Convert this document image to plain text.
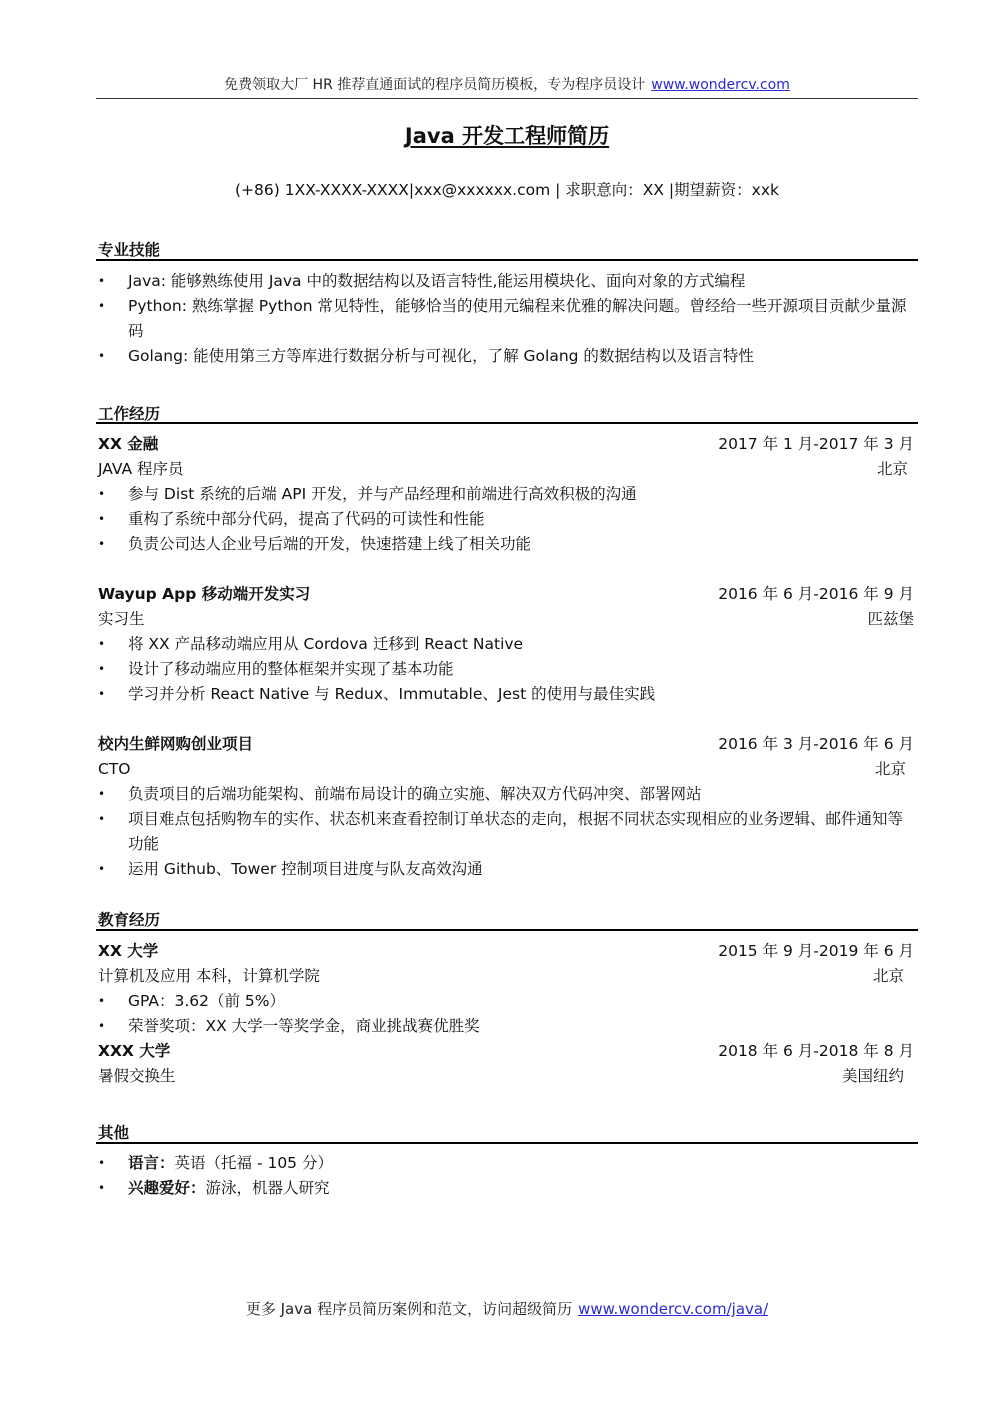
免费领取大厂 HR 推荐直通面试的程序员简历模板，专为程序员设计 www.wondercv.com
Java 开发工程师简历
(+86) 1XX-XXXX-XXXX|xxx@xxxxxx.com | 求职意向：XX |期望薪资：xxk
专业技能
• Java: 能够熟练使用 Java 中的数据结构以及语言特性,能运用模块化、面向对象的方式编程
• Python: 熟练掌握 Python 常见特性，能够恰当的使用元编程来优雅的解决问题。曾经给一些开源项目贡献少量源码
• Golang: 能使用第三方等库进行数据分析与可视化，了解 Golang 的数据结构以及语言特性
工作经历
XX 金融	2017 年 1 月-2017 年 3 月
JAVA 程序员	北京
• 参与 Dist 系统的后端 API 开发，并与产品经理和前端进行高效积极的沟通
• 重构了系统中部分代码，提高了代码的可读性和性能
• 负责公司达人企业号后端的开发，快速搭建上线了相关功能
Wayup App 移动端开发实习	2016 年 6 月-2016 年 9 月
实习生	匹兹堡
• 将 XX 产品移动端应用从 Cordova 迁移到 React Native
• 设计了移动端应用的整体框架并实现了基本功能
• 学习并分析 React Native 与 Redux、Immutable、Jest 的使用与最佳实践
校内生鲜网购创业项目	2016 年 3 月-2016 年 6 月
CTO	北京
• 负责项目的后端功能架构、前端布局设计的确立实施、解决双方代码冲突、部署网站
• 项目难点包括购物车的实作、状态机来查看控制订单状态的走向，根据不同状态实现相应的业务逻辑、邮件通知等功能
• 运用 Github、Tower 控制项目进度与队友高效沟通
教育经历
XX 大学	2015 年 9 月-2019 年 6 月
计算机及应用 本科，计算机学院	北京
• GPA：3.62（前 5%）
• 荣誉奖项：XX 大学一等奖学金，商业挑战赛优胜奖
XXX 大学	2018 年 6 月-2018 年 8 月
暑假交换生	美国纽约
其他
• 语言：英语（托福 - 105 分）
• 兴趣爱好：游泳，机器人研究
更多 Java 程序员简历案例和范文，访问超级简历 www.wondercv.com/java/
